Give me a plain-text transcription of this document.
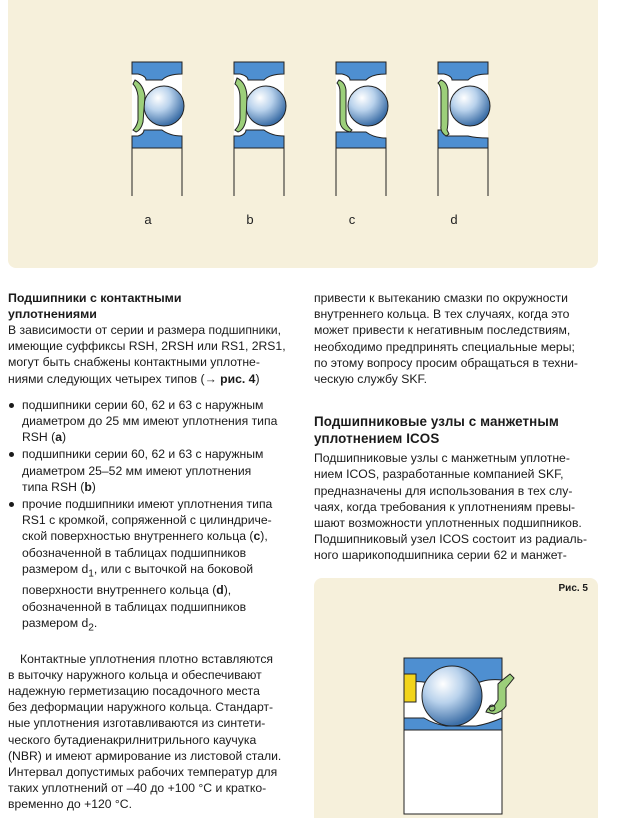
a	b	c	d

Подшипники с контактными
уплотнениями

В зависимости от серии и размера подшипники,
имеющие суффиксы RSH, 2RSH или RS1, 2RS1,
могут быть снабжены контактными уплотне-
ниями следующих четырех типов (→ рис. 4)

подшипники серии 60, 62 и 63 с наружным
диаметром до 25 мм имеют уплотнения типа
RSH (a)
подшипники серии 60, 62 и 63 с наружным
диаметром 25–52 мм имеют уплотнения
типа RSH (b)
прочие подшипники имеют уплотнения типа
RS1 с кромкой, сопряженной с цилиндриче-
ской поверхностью внутреннего кольца (c),
обозначенной в таблицах подшипников
размером $d_1$, или с выточкой на боковой
поверхности внутреннего кольца (d),
обозначенной в таблицах подшипников
размером $d_2$.

Контактные уплотнения плотно вставляются
в выточку наружного кольца и обеспечивают
надежную герметизацию посадочного места
без деформации наружного кольца. Стандарт-
ные уплотнения изготавливаются из синтети-
ческого бутадиенакрилнитрильного каучука
(NBR) и имеют армирование из листовой стали.
Интервал допустимых рабочих температур для
таких уплотнений от –40 до +100 °С и кратко-
временно до +120 °С.

привести к вытеканию смазки по окружности
внутреннего кольца. В тех случаях, когда это
может привести к негативным последствиям,
необходимо предпринять специальные меры;
по этому вопросу просим обращаться в техни-
ческую службу SKF.

Подшипниковые узлы с манжетным
уплотнением ICOS

Подшипниковые узлы с манжетным уплотне-
нием ICOS, разработанные компанией SKF,
предназначены для использования в тех слу-
чаях, когда требования к уплотнениям превы-
шают возможности уплотненных подшипников.
Подшипниковый узел ICOS состоит из радиаль-
ного шарикоподшипника серии 62 и манжет-

Рис. 5
